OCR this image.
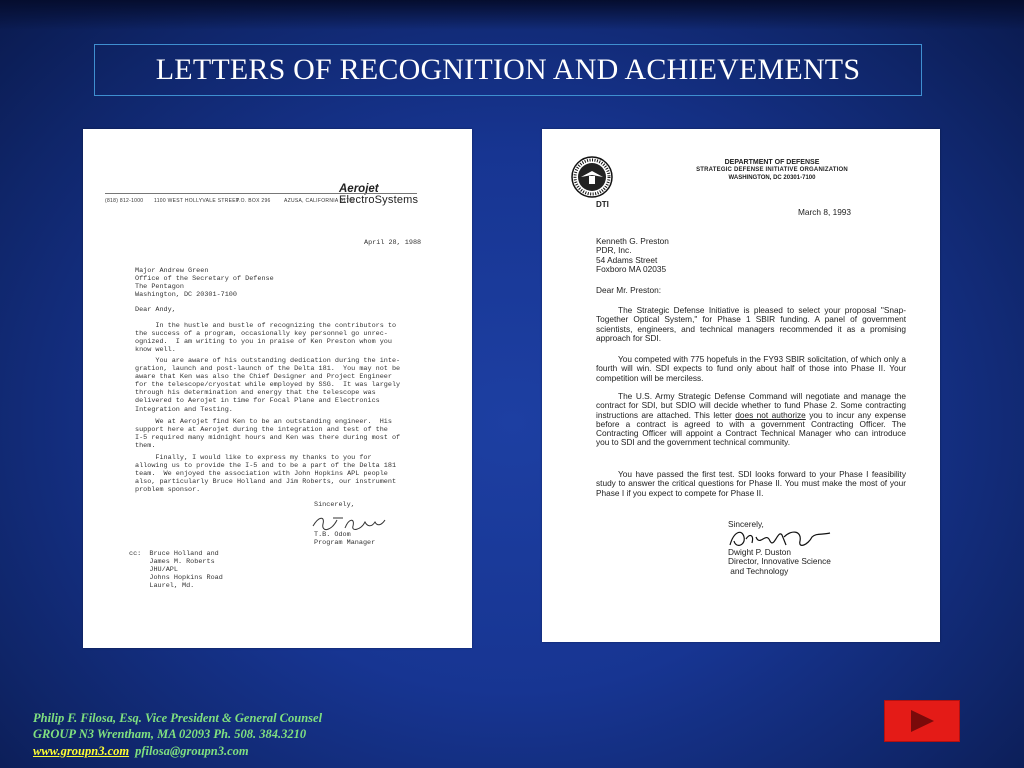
LETTERS OF RECOGNITION AND ACHIEVEMENTS
Aerojet
ElectroSystems
(818) 812-1000 1100 WEST HOLLYVALE STREET
P.O. BOX 296	AZUSA, CALIFORNIA 91702
April 28, 1988
Major Andrew Green
Office of the Secretary of Defense
The Pentagon
Washington, DC 20301-7100
Dear Andy,
In the hustle and bustle of recognizing the contributors to
the success of a program, occasionally key personnel go unrec-
ognized.  I am writing to you in praise of Ken Preston whom you
know well.
You are aware of his outstanding dedication during the inte-
gration, launch and post-launch of the Delta 181.  You may not be
aware that Ken was also the Chief Designer and Project Engineer
for the telescope/cryostat while employed by SSG.  It was largely
through his determination and energy that the telescope was
delivered to Aerojet in time for Focal Plane and Electronics
Integration and Testing.
We at Aerojet find Ken to be an outstanding engineer.  His
support here at Aerojet during the integration and test of the
I-5 required many midnight hours and Ken was there during most of
them.
Finally, I would like to express my thanks to you for
allowing us to provide the I-5 and to be a part of the Delta 181
team.  We enjoyed the association with John Hopkins APL people
also, particularly Bruce Holland and Jim Roberts, our instrument
problem sponsor.
Sincerely,
T.B. Odom
Program Manager
cc:  Bruce Holland and
James M. Roberts
JHU/APL
Johns Hopkins Road
Laurel, Md.
DTI
DEPARTMENT OF DEFENSE
STRATEGIC DEFENSE INITIATIVE ORGANIZATION
WASHINGTON, DC 20301-7100
March 8, 1993
Kenneth G. Preston
PDR, Inc.
54 Adams Street
Foxboro MA 02035
Dear Mr. Preston:
The Strategic Defense Initiative is pleased to select your proposal "Snap-Together Optical System," for Phase 1 SBIR funding. A panel of government scientists, engineers, and technical managers recommended it as a promising approach for SDI.
You competed with 775 hopefuls in the FY93 SBIR solicitation, of which only a fourth will win. SDI expects to fund only about half of those into Phase II. Your competition will be merciless.
The U.S. Army Strategic Defense Command will negotiate and manage the contract for SDI, but SDIO will decide whether to fund Phase 2. Some contracting instructions are attached. This letter does not authorize you to incur any expense before a contract is agreed to with a government Contracting Officer. The Contracting Officer will appoint a Contract Technical Manager who can introduce you to SDI and the government technical community.
You have passed the first test. SDI looks forward to your Phase I feasibility study to answer the critical questions for Phase II. You must make the most of your Phase I if you expect to compete for Phase II.
Sincerely,
Dwight P. Duston
Director, Innovative Science
and Technology
Philip F. Filosa, Esq. Vice President & General Counsel
GROUP N3 Wrentham, MA 02093 Ph. 508. 384.3210
www.groupn3.com pfilosa@groupn3.com
